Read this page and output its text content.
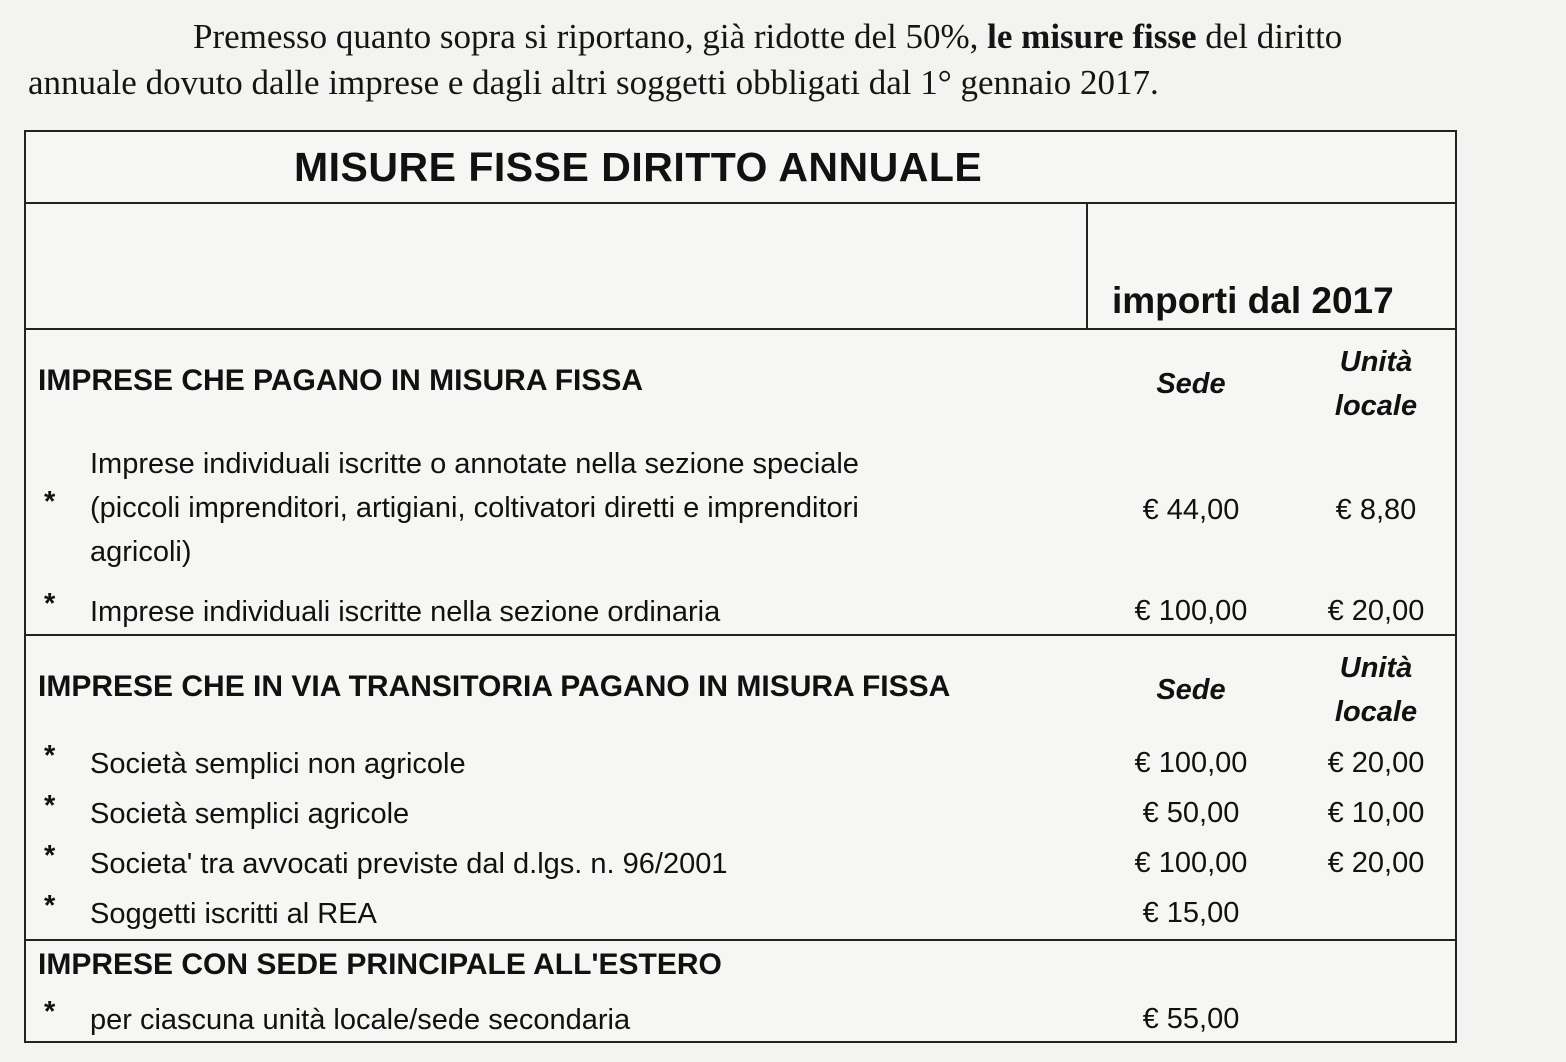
Premesso quanto sopra si riportano, già ridotte del 50%, le misure fisse del diritto

annuale dovuto dalle imprese e dagli altri soggetti obbligati dal 1° gennaio 2017.

MISURE FISSE DIRITTO ANNUALE
importi dal 2017
IMPRESE CHE PAGANO IN MISURA FISSA	Sede
Unità
locale
*
Imprese individuali iscritte o annotate nella sezione speciale
(piccoli imprenditori, artigiani, coltivatori diretti e imprenditori
agricoli)
€ 44,00	€ 8,80
* Imprese individuali iscritte nella sezione ordinaria	€ 100,00	€ 20,00
IMPRESE CHE IN VIA TRANSITORIA PAGANO IN MISURA FISSA	Sede
Unità
locale
* Società semplici non agricole	€ 100,00	€ 20,00
* Società semplici agricole	€ 50,00	€ 10,00
* Societa' tra avvocati previste dal d.lgs. n. 96/2001	€ 100,00	€ 20,00
* Soggetti iscritti al REA	€ 15,00
IMPRESE CON SEDE PRINCIPALE ALL'ESTERO
* per ciascuna unità locale/sede secondaria	€ 55,00
